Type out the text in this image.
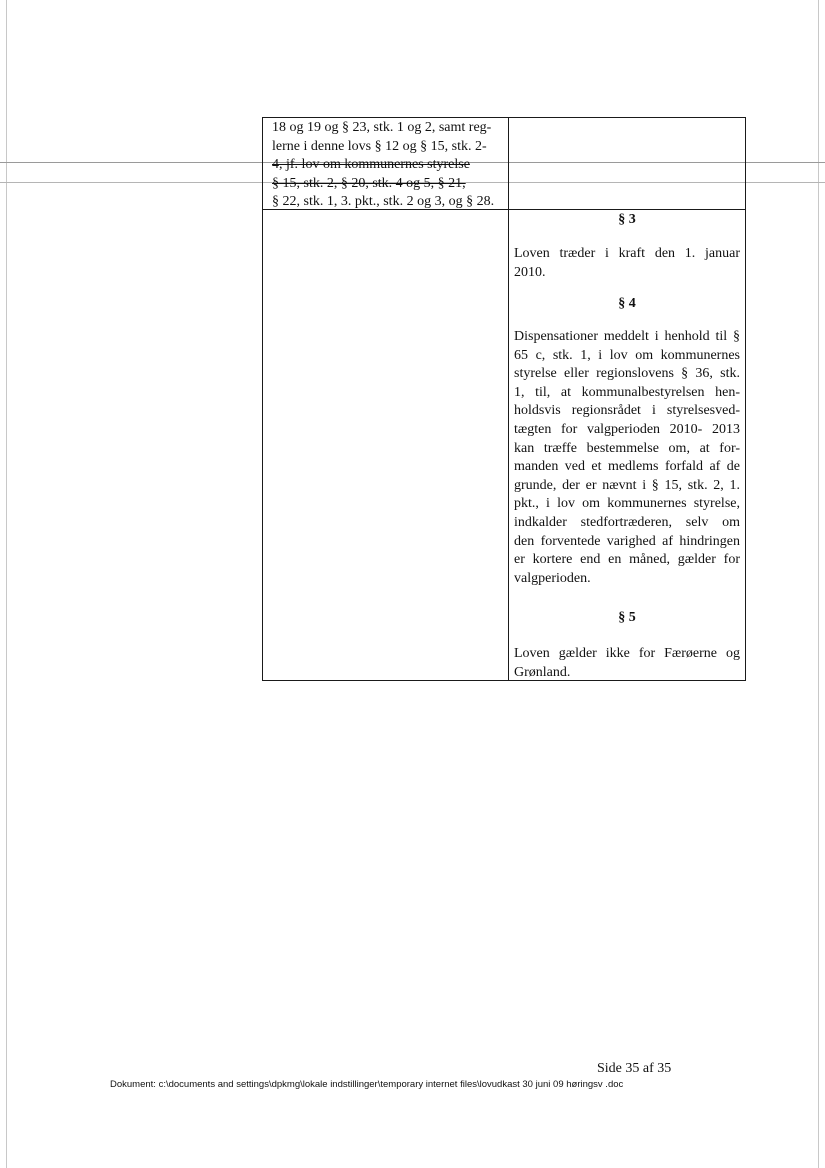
18 og 19 og § 23, stk. 1 og 2, samt reg-
lerne i denne lovs § 12 og § 15, stk. 2-
4, jf. lov om kommunernes styrelse
§ 15, stk. 2, § 20, stk. 4 og 5, § 21,
§ 22, stk. 1, 3. pkt., stk. 2 og 3, og § 28.
§ 3
Loven træder i kraft den 1. januar
2010.
§ 4
Dispensationer meddelt i henhold til §
65 c, stk. 1, i lov om kommunernes
styrelse eller regionslovens § 36, stk.
1, til, at kommunalbestyrelsen hen-
holdsvis regionsrådet i styrelsesved-
tægten for valgperioden 2010- 2013
kan træffe bestemmelse om, at for-
manden ved et medlems forfald af de
grunde, der er nævnt i § 15, stk. 2, 1.
pkt., i lov om kommunernes styrelse,
indkalder stedfortræderen, selv om
den forventede varighed af hindringen
er kortere end en måned, gælder for
valgperioden.
§ 5
Loven gælder ikke for Færøerne og
Grønland.
Side 35 af 35
Dokument: c:\documents and settings\dpkmg\lokale indstillinger\temporary internet files\lovudkast 30 juni 09 høringsv .doc
